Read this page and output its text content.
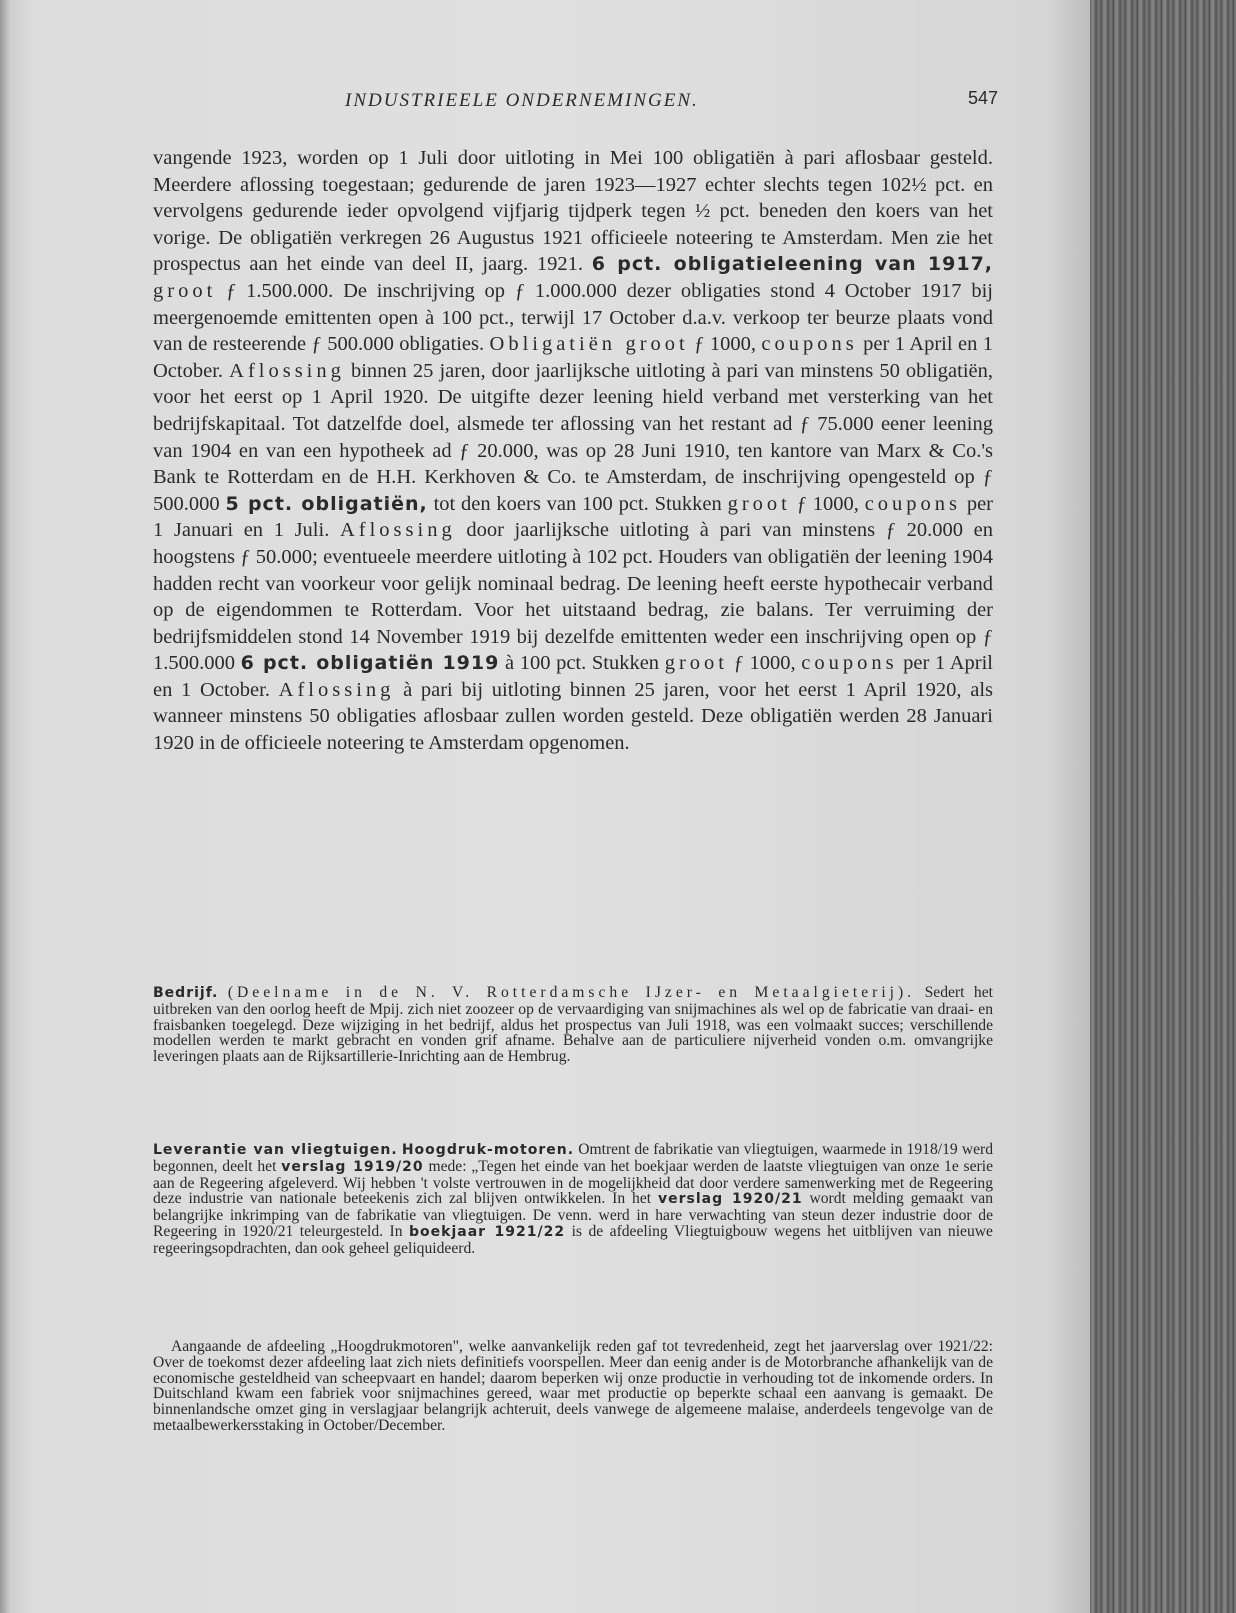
INDUSTRIEELE ONDERNEMINGEN.	547

vangende 1923, worden op 1 Juli door uitloting in Mei 100 obligatiën à pari aflosbaar gesteld. Meerdere aflossing toegestaan; gedurende de jaren 1923—1927 echter slechts tegen 102½ pct. en vervolgens gedurende ieder opvolgend vijfjarig tijdperk tegen ½ pct. beneden den koers van het vorige. De obligatiën verkregen 26 Augustus 1921 officieele noteering te Amsterdam. Men zie het prospectus aan het einde van deel II, jaarg. 1921. 6 pct. obligatieleening van 1917, groot ƒ 1.500.000. De inschrijving op ƒ 1.000.000 dezer obligaties stond 4 October 1917 bij meergenoemde emittenten open à 100 pct., terwijl 17 October d.a.v. verkoop ter beurze plaats vond van de resteerende ƒ 500.000 obligaties. Obligatiën groot ƒ 1000, coupons per 1 April en 1 October. Aflossing binnen 25 jaren, door jaarlijksche uitloting à pari van minstens 50 obligatiën, voor het eerst op 1 April 1920. De uitgifte dezer leening hield verband met versterking van het bedrijfskapitaal. Tot datzelfde doel, alsmede ter aflossing van het restant ad ƒ 75.000 eener leening van 1904 en van een hypotheek ad ƒ 20.000, was op 28 Juni 1910, ten kantore van Marx & Co.'s Bank te Rotterdam en de H.H. Kerkhoven & Co. te Amsterdam, de inschrijving opengesteld op ƒ 500.000 5 pct. obligatiën, tot den koers van 100 pct. Stukken groot ƒ 1000, coupons per 1 Januari en 1 Juli. Aflossing door jaarlijksche uitloting à pari van minstens ƒ 20.000 en hoogstens ƒ 50.000; eventueele meerdere uitloting à 102 pct. Houders van obligatiën der leening 1904 hadden recht van voorkeur voor gelijk nominaal bedrag. De leening heeft eerste hypothecair verband op de eigendommen te Rotterdam. Voor het uitstaand bedrag, zie balans. Ter verruiming der bedrijfsmiddelen stond 14 November 1919 bij dezelfde emittenten weder een inschrijving open op ƒ 1.500.000 6 pct. obligatiën 1919 à 100 pct. Stukken groot ƒ 1000, coupons per 1 April en 1 October. Aflossing à pari bij uitloting binnen 25 jaren, voor het eerst 1 April 1920, als wanneer minstens 50 obligaties aflosbaar zullen worden gesteld. Deze obligatiën werden 28 Januari 1920 in de officieele noteering te Amsterdam opgenomen.

Bedrijf. (Deelname in de N. V. Rotterdamsche IJzer- en Metaalgieterij). Sedert het uitbreken van den oorlog heeft de Mpij. zich niet zoozeer op de vervaardiging van snijmachines als wel op de fabricatie van draai- en fraisbanken toegelegd. Deze wijziging in het bedrijf, aldus het prospectus van Juli 1918, was een volmaakt succes; verschillende modellen werden te markt gebracht en vonden grif afname. Behalve aan de particuliere nijverheid vonden o.m. omvangrijke leveringen plaats aan de Rijksartillerie-Inrichting aan de Hembrug.

Leverantie van vliegtuigen. Hoogdruk-motoren. Omtrent de fabrikatie van vliegtuigen, waarmede in 1918/19 werd begonnen, deelt het verslag 1919/20 mede: „Tegen het einde van het boekjaar werden de laatste vliegtuigen van onze 1e serie aan de Regeering afgeleverd. Wij hebben 't volste vertrouwen in de mogelijkheid dat door verdere samenwerking met de Regeering deze industrie van nationale beteekenis zich zal blijven ontwikkelen. In het verslag 1920/21 wordt melding gemaakt van belangrijke inkrimping van de fabrikatie van vliegtuigen. De venn. werd in hare verwachting van steun dezer industrie door de Regeering in 1920/21 teleurgesteld. In boekjaar 1921/22 is de afdeeling Vliegtuigbouw wegens het uitblijven van nieuwe regeeringsopdrachten, dan ook geheel geliquideerd.

Aangaande de afdeeling „Hoogdrukmotoren", welke aanvankelijk reden gaf tot tevredenheid, zegt het jaarverslag over 1921/22: Over de toekomst dezer afdeeling laat zich niets definitiefs voorspellen. Meer dan eenig ander is de Motorbranche afhankelijk van de economische gesteldheid van scheepvaart en handel; daarom beperken wij onze productie in verhouding tot de inkomende orders. In Duitschland kwam een fabriek voor snijmachines gereed, waar met productie op beperkte schaal een aanvang is gemaakt. De binnenlandsche omzet ging in verslagjaar belangrijk achteruit, deels vanwege de algemeene malaise, anderdeels tengevolge van de metaalbewerkersstaking in October/December.
